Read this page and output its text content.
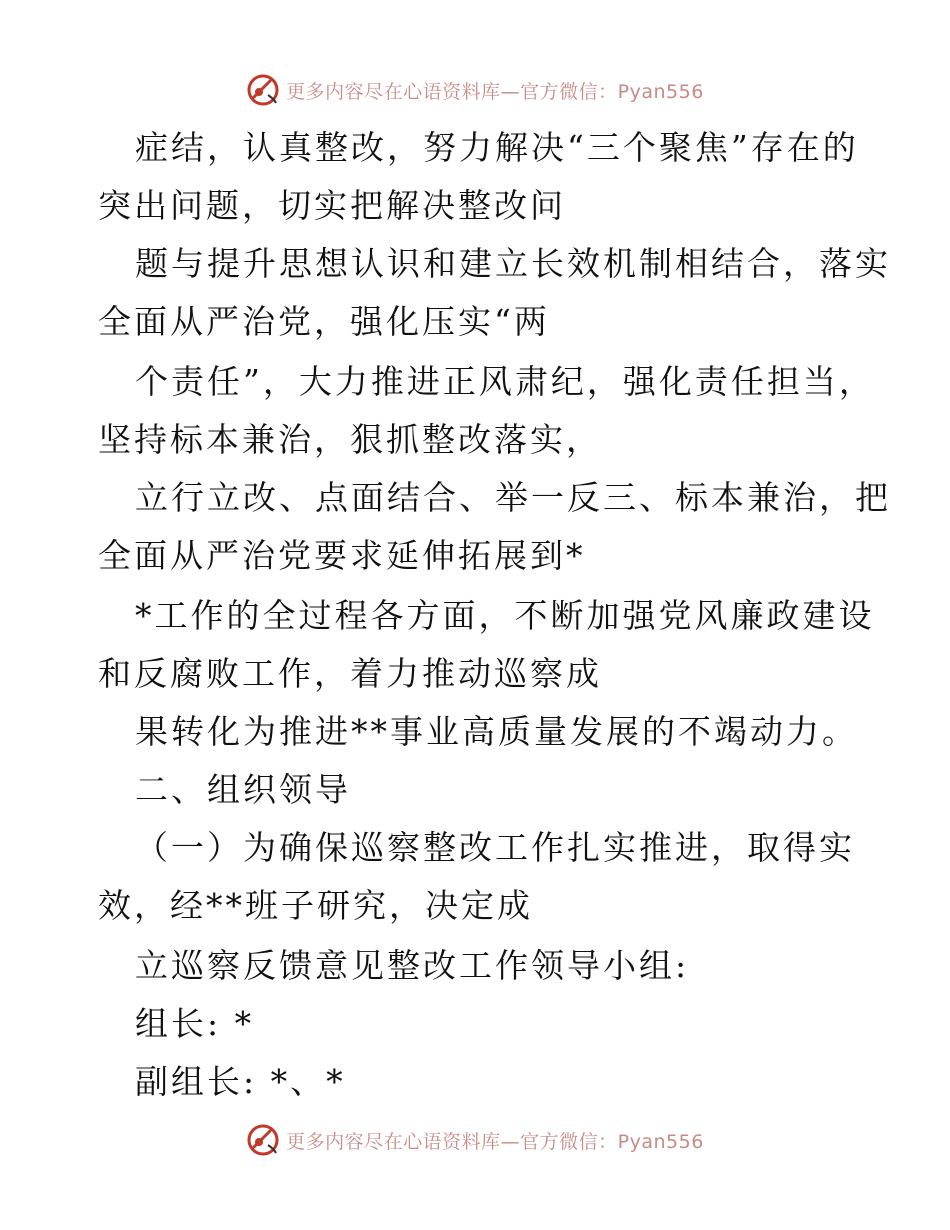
更多内容尽在心语资料库—官方微信：Pyan556
症结，认真整改，努力解决“三个聚焦”存在的
突出问题，切实把解决整改问
题与提升思想认识和建立长效机制相结合，落实
全面从严治党，强化压实“两
个责任”，大力推进正风肃纪，强化责任担当，
坚持标本兼治，狠抓整改落实，
立行立改、点面结合、举一反三、标本兼治，把
全面从严治党要求延伸拓展到*
*工作的全过程各方面，不断加强党风廉政建设
和反腐败工作，着力推动巡察成
果转化为推进**事业高质量发展的不竭动力。
二、组织领导
（一）为确保巡察整改工作扎实推进，取得实
效，经**班子研究，决定成
立巡察反馈意见整改工作领导小组:
组长: *
副组长: *、*
更多内容尽在心语资料库—官方微信：Pyan556
